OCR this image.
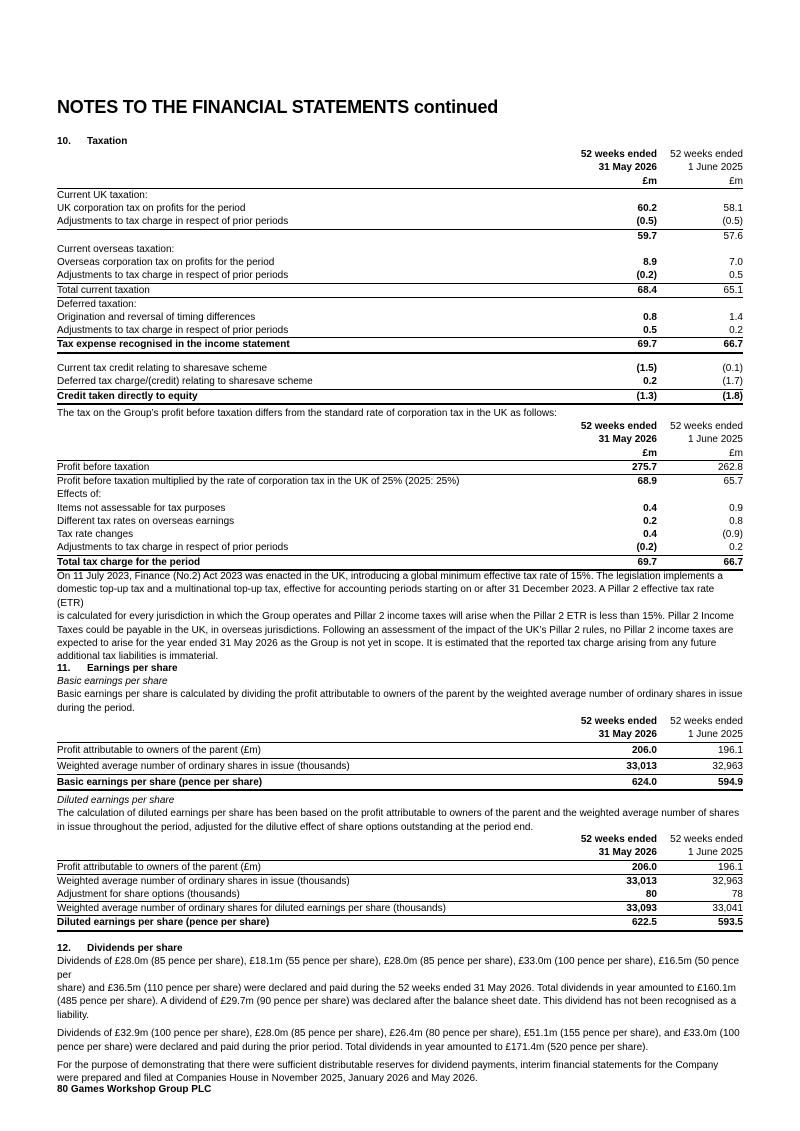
NOTES TO THE FINANCIAL STATEMENTS continued
10. Taxation
	52 weeks ended	52 weeks ended
	31 May 2026	1 June 2025
	£m	£m
Current UK taxation:		
UK corporation tax on profits for the period	60.2	58.1
Adjustments to tax charge in respect of prior periods	(0.5)	(0.5)
	59.7	57.6
Current overseas taxation:		
Overseas corporation tax on profits for the period	8.9	7.0
Adjustments to tax charge in respect of prior periods	(0.2)	0.5
Total current taxation	68.4	65.1
Deferred taxation:		
Origination and reversal of timing differences	0.8	1.4
Adjustments to tax charge in respect of prior periods	0.5	0.2
Tax expense recognised in the income statement	69.7	66.7
Current tax credit relating to sharesave scheme	(1.5)	(0.1)
Deferred tax charge/(credit) relating to sharesave scheme	0.2	(1.7)
Credit taken directly to equity	(1.3)	(1.8)
The tax on the Group’s profit before taxation differs from the standard rate of corporation tax in the UK as follows:
	52 weeks ended	52 weeks ended
	31 May 2026	1 June 2025
	£m	£m
Profit before taxation	275.7	262.8
Profit before taxation multiplied by the rate of corporation tax in the UK of 25% (2025: 25%)	68.9	65.7
Effects of:		
Items not assessable for tax purposes	0.4	0.9
Different tax rates on overseas earnings	0.2	0.8
Tax rate changes	0.4	(0.9)
Adjustments to tax charge in respect of prior periods	(0.2)	0.2
Total tax charge for the period	69.7	66.7

On 11 July 2023, Finance (No.2) Act 2023 was enacted in the UK, introducing a global minimum effective tax rate of 15%. The legislation implements a

domestic top-up tax and a multinational top-up tax, effective for accounting periods starting on or after 31 December 2023. A Pillar 2 effective tax rate (ETR)

is calculated for every jurisdiction in which the Group operates and Pillar 2 income taxes will arise when the Pillar 2 ETR is less than 15%. Pillar 2 Income

Taxes could be payable in the UK, in overseas jurisdictions. Following an assessment of the impact of the UK’s Pillar 2 rules, no Pillar 2 income taxes are

expected to arise for the year ended 31 May 2026 as the Group is not yet in scope. It is estimated that the reported tax charge arising from any future

additional tax liabilities is immaterial.

11. Earnings per share
Basic earnings per share

Basic earnings per share is calculated by dividing the profit attributable to owners of the parent by the weighted average number of ordinary shares in issue

during the period.

	52 weeks ended	52 weeks ended
	31 May 2026	1 June 2025
Profit attributable to owners of the parent (£m)	206.0	196.1
Weighted average number of ordinary shares in issue (thousands)	33,013	32,963
Basic earnings per share (pence per share)	624.0	594.9
Diluted earnings per share

The calculation of diluted earnings per share has been based on the profit attributable to owners of the parent and the weighted average number of shares

in issue throughout the period, adjusted for the dilutive effect of share options outstanding at the period end.

	52 weeks ended	52 weeks ended
	31 May 2026	1 June 2025
Profit attributable to owners of the parent (£m)	206.0	196.1
Weighted average number of ordinary shares in issue (thousands)	33,013	32,963
Adjustment for share options (thousands)	80	78
Weighted average number of ordinary shares for diluted earnings per share (thousands)	33,093	33,041
Diluted earnings per share (pence per share)	622.5	593.5
12. Dividends per share

Dividends of £28.0m (85 pence per share), £18.1m (55 pence per share), £28.0m (85 pence per share), £33.0m (100 pence per share), £16.5m (50 pence per

share) and £36.5m (110 pence per share) were declared and paid during the 52 weeks ended 31 May 2026. Total dividends in year amounted to £160.1m

(485 pence per share). A dividend of £29.7m (90 pence per share) was declared after the balance sheet date. This dividend has not been recognised as a

liability.

Dividends of £32.9m (100 pence per share), £28.0m (85 pence per share), £26.4m (80 pence per share), £51.1m (155 pence per share), and £33.0m (100

pence per share) were declared and paid during the prior period. Total dividends in year amounted to £171.4m (520 pence per share).

For the purpose of demonstrating that there were sufficient distributable reserves for dividend payments, interim financial statements for the Company

were prepared and filed at Companies House in November 2025, January 2026 and May 2026.

80 Games Workshop Group PLC
